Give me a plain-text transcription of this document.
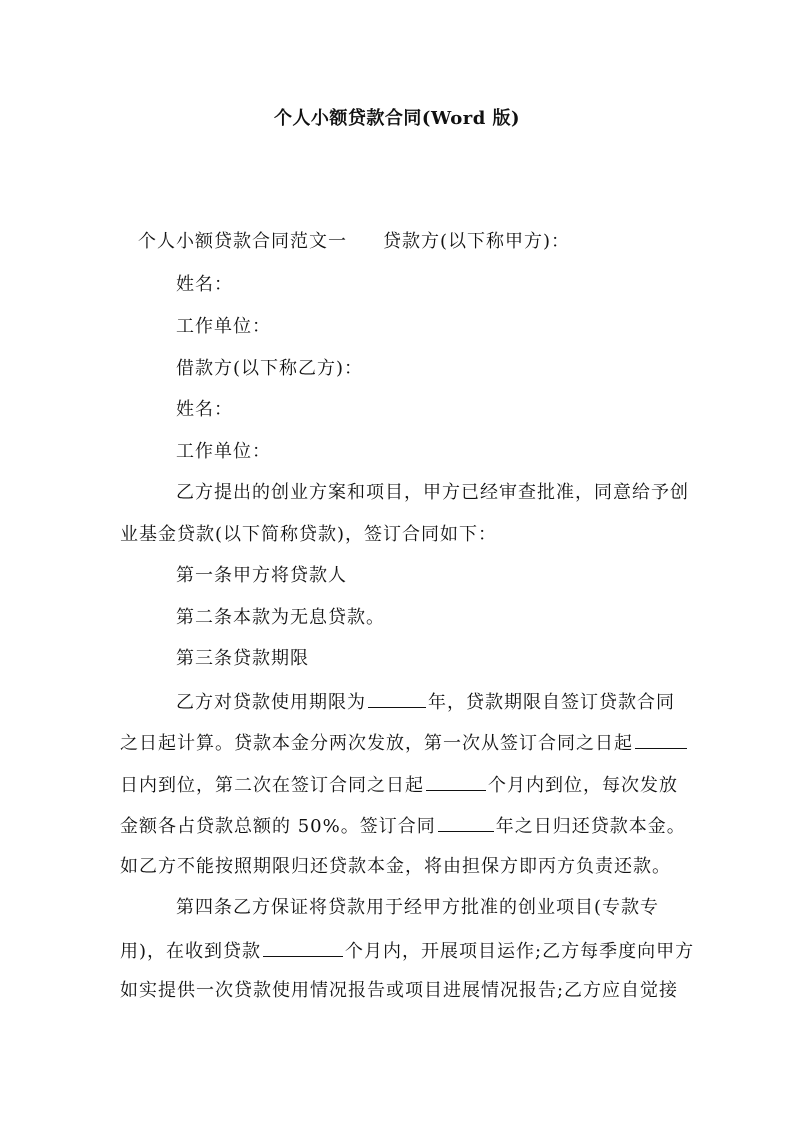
个人小额贷款合同(Word 版)
个人小额贷款合同范文一 贷款方(以下称甲方)：
姓名：
工作单位：
借款方(以下称乙方)：
姓名：
工作单位：
乙方提出的创业方案和项目，甲方已经审查批准，同意给予创
业基金贷款(以下简称贷款)，签订合同如下：
第一条甲方将贷款人
第二条本款为无息贷款。
第三条贷款期限
乙方对贷款使用期限为	年，贷款期限自签订贷款合同
之日起计算。贷款本金分两次发放，第一次从签订合同之日起
日内到位，第二次在签订合同之日起	个月内到位，每次发放
金额各占贷款总额的 50%。签订合同	年之日归还贷款本金。
如乙方不能按照期限归还贷款本金，将由担保方即丙方负责还款。
第四条乙方保证将贷款用于经甲方批准的创业项目(专款专
用)，在收到贷款	个月内，开展项目运作;乙方每季度向甲方
如实提供一次贷款使用情况报告或项目进展情况报告;乙方应自觉接
